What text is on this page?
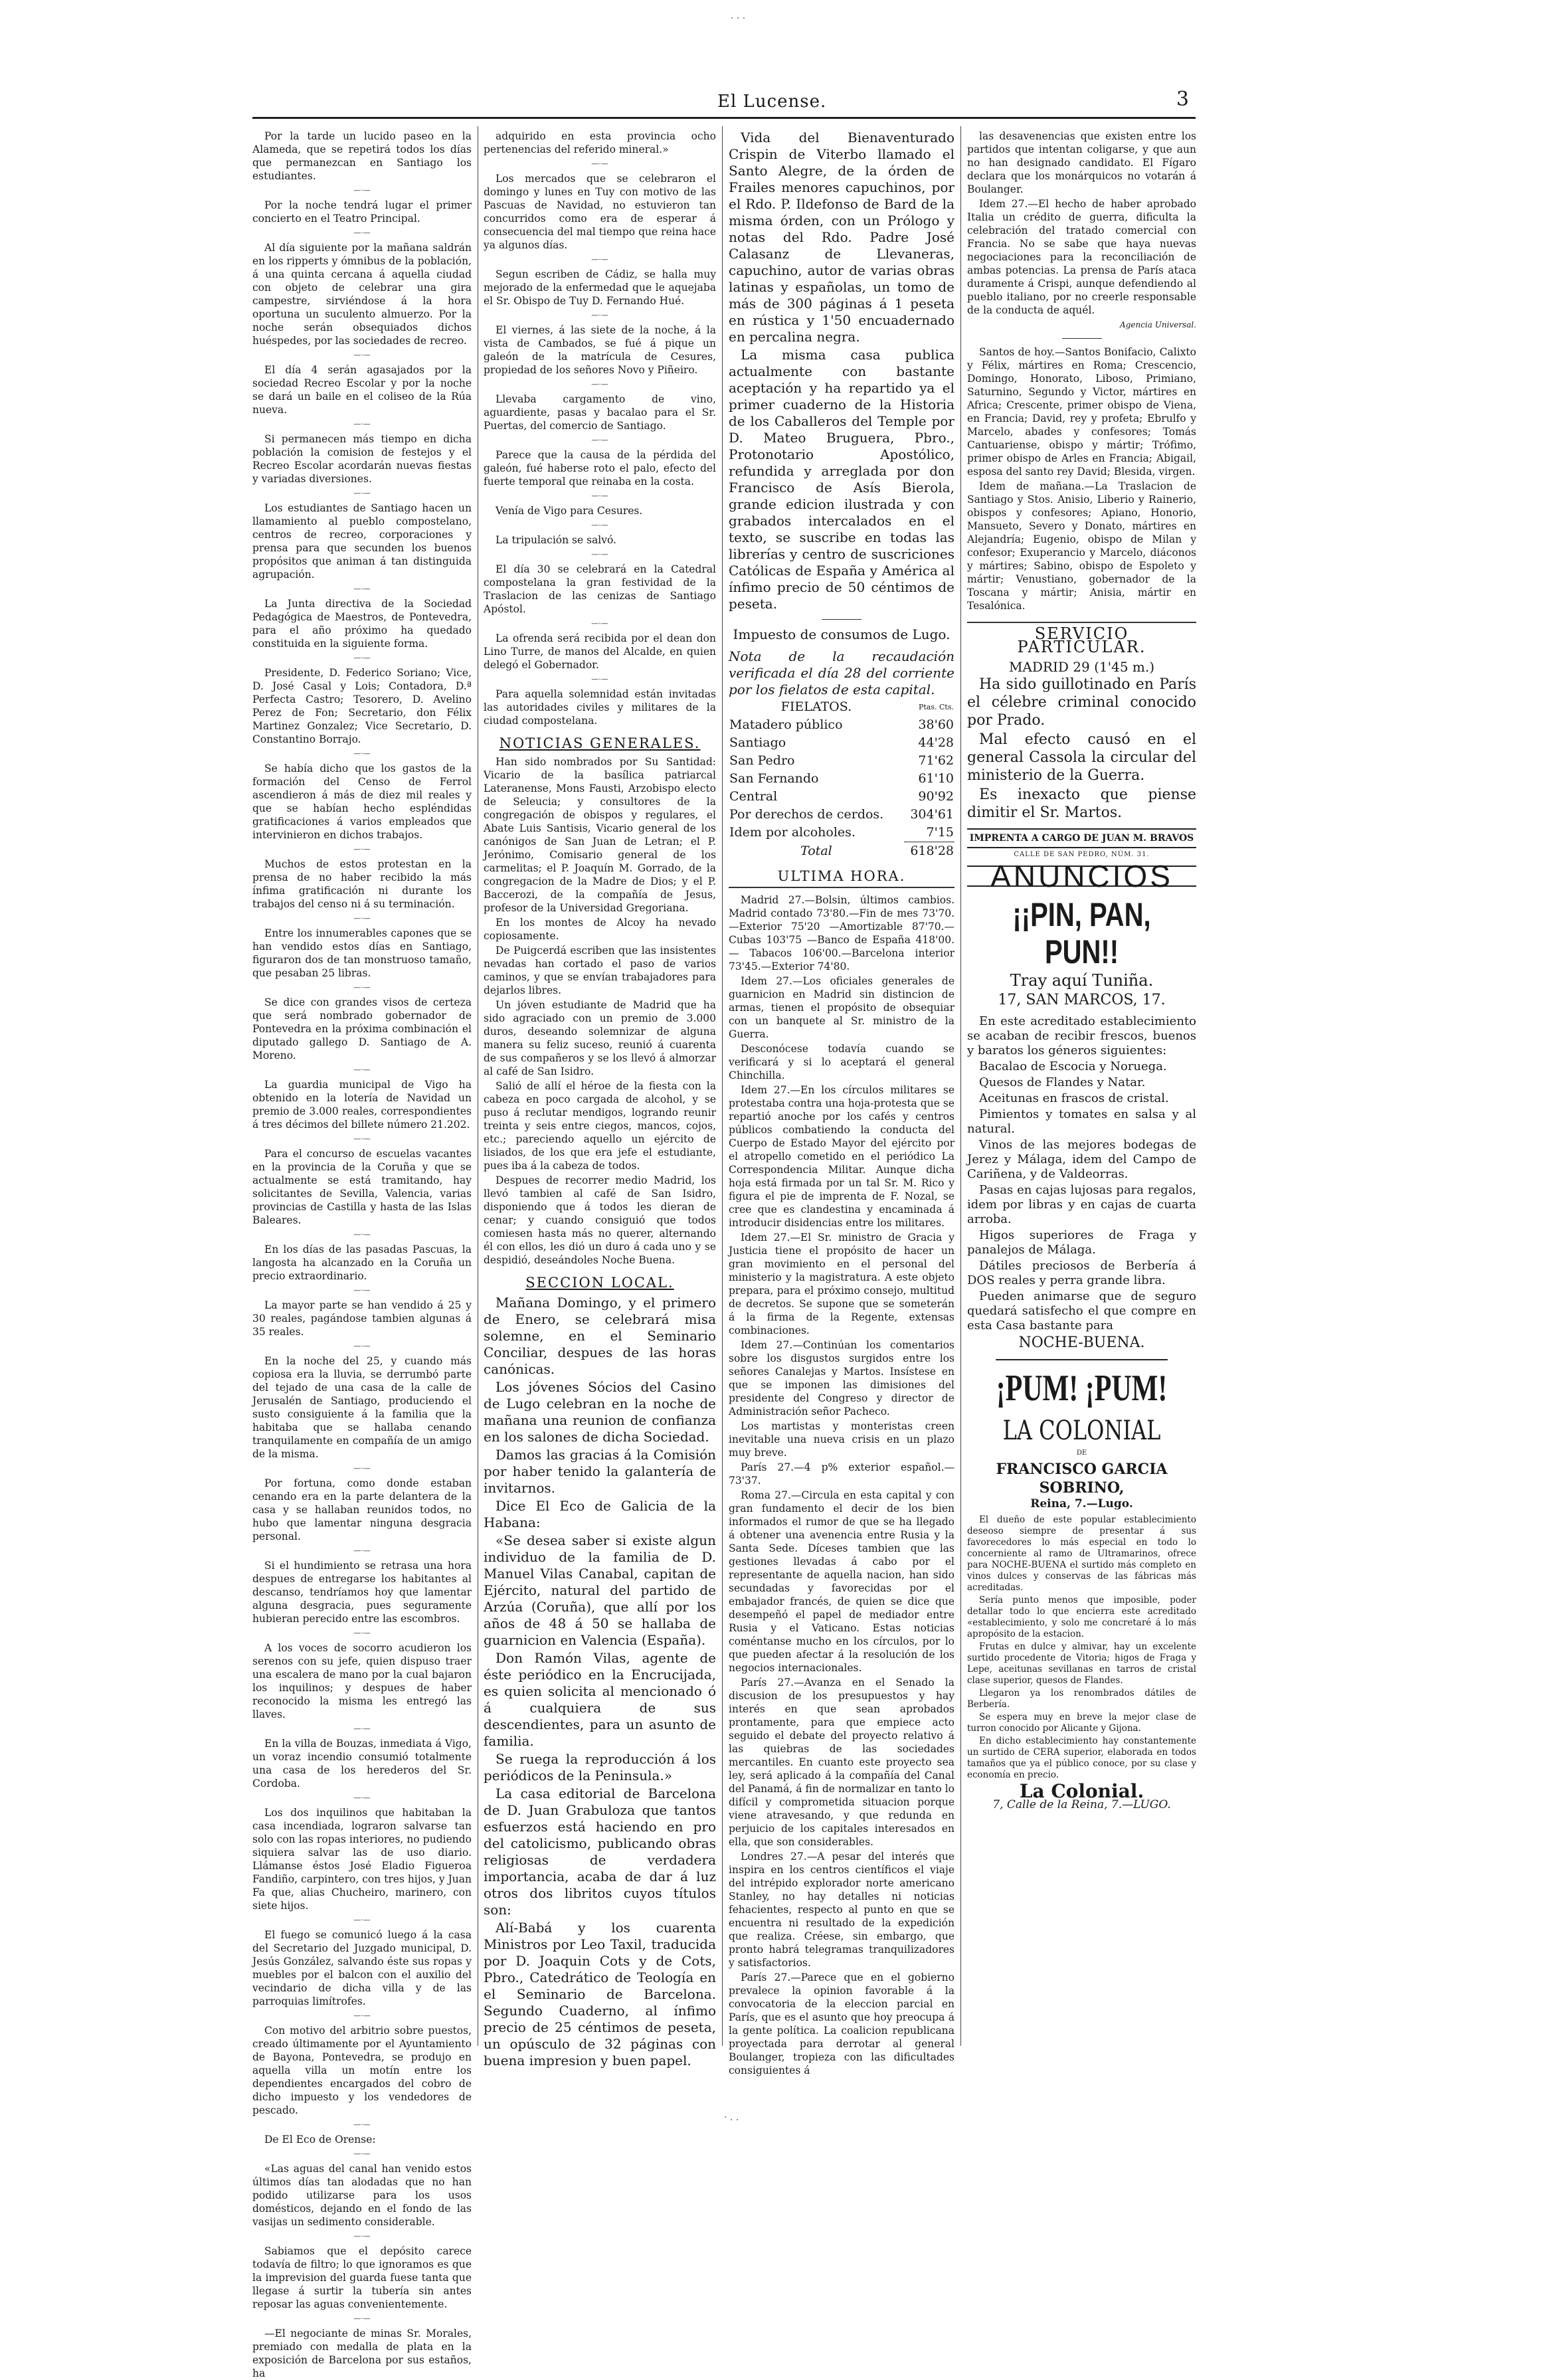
El Lucense.	3

Por la tarde un lucido paseo en la Alameda, que se repetirá todos los días que permanezcan en Santiago los estudiantes.

—·—

Por la noche tendrá lugar el primer concierto en el Teatro Principal.

—·—

Al día siguiente por la mañana saldrán en los ripperts y ómnibus de la población, á una quinta cercana á aquella ciudad con objeto de celebrar una gira campestre, sirviéndose á la hora oportuna un suculento almuerzo. Por la noche serán obsequiados dichos huéspedes, por las sociedades de recreo.

—·—

El día 4 serán agasajados por la sociedad Recreo Escolar y por la noche se dará un baile en el coliseo de la Rúa nueva.

—·—

Si permanecen más tiempo en dicha población la comision de festejos y el Recreo Escolar acordarán nuevas fiestas y variadas diversiones.

—·—

Los estudiantes de Santiago hacen un llamamiento al pueblo compostelano, centros de recreo, corporaciones y prensa para que secunden los buenos propósitos que animan á tan distinguida agrupación.

—·—

La Junta directiva de la Sociedad Pedagógica de Maestros, de Pontevedra, para el año próximo ha quedado constituida en la siguiente forma.

—·—

Presidente, D. Federico Soriano; Vice, D. José Casal y Lois; Contadora, D.ª Perfecta Castro; Tesorero, D. Avelino Perez de Fon; Secretario, don Félix Martinez Gonzalez; Vice Secretario, D. Constantino Borrajo.

—·—

Se había dicho que los gastos de la formación del Censo de Ferrol ascendieron á más de diez mil reales y que se habían hecho espléndidas gratificaciones á varios empleados que intervinieron en dichos trabajos.

—·—

Muchos de estos protestan en la prensa de no haber recibido la más ínfima gratificación ni durante los trabajos del censo ni á su terminación.

—·—

Entre los innumerables capones que se han vendido estos días en Santiago, figuraron dos de tan monstruoso tamaño, que pesaban 25 libras.

—·—

Se dice con grandes visos de certeza que será nombrado gobernador de Pontevedra en la próxima combinación el diputado gallego D. Santiago de A. Moreno.

—·—

La guardia municipal de Vigo ha obtenido en la lotería de Navidad un premio de 3.000 reales, correspondientes á tres décimos del billete número 21.202.

—·—

Para el concurso de escuelas vacantes en la provincia de la Coruña y que se actualmente se está tramitando, hay solicitantes de Sevilla, Valencia, varias provincias de Castilla y hasta de las Islas Baleares.

—·—

En los días de las pasadas Pascuas, la langosta ha alcanzado en la Coruña un precio extraordinario.

—·—

La mayor parte se han vendido á 25 y 30 reales, pagándose tambien algunas á 35 reales.

—·—

En la noche del 25, y cuando más copiosa era la lluvia, se derrumbó parte del tejado de una casa de la calle de Jerusalén de Santiago, produciendo el susto consiguiente á la familia que la habitaba que se hallaba cenando tranquilamente en compañía de un amigo de la misma.

—·—

Por fortuna, como donde estaban cenando era en la parte delantera de la casa y se hallaban reunidos todos, no hubo que lamentar ninguna desgracia personal.

—·—

Si el hundimiento se retrasa una hora despues de entregarse los habitantes al descanso, tendríamos hoy que lamentar alguna desgracia, pues seguramente hubieran perecido entre las escombros.

—·—

A los voces de socorro acudieron los serenos con su jefe, quien dispuso traer una escalera de mano por la cual bajaron los inquilinos; y despues de haber reconocido la misma les entregó las llaves.

—·—

En la villa de Bouzas, inmediata á Vigo, un voraz incendio consumió totalmente una casa de los herederos del Sr. Cordoba.

—·—

Los dos inquilinos que habitaban la casa incendiada, lograron salvarse tan solo con las ropas interiores, no pudiendo siquiera salvar las de uso diario. Llámanse éstos José Eladio Figueroa Fandiño, carpintero, con tres hijos, y Juan Fa que, alias Chucheiro, marinero, con siete hijos.

—·—

El fuego se comunicó luego á la casa del Secretario del Juzgado municipal, D. Jesús González, salvando éste sus ropas y muebles por el balcon con el auxilio del vecindario de dicha villa y de las parroquias limítrofes.

—·—

Con motivo del arbitrio sobre puestos, creado últimamente por el Ayuntamiento de Bayona, Pontevedra, se produjo en aquella villa un motín entre los dependientes encargados del cobro de dicho impuesto y los vendedores de pescado.

—·—

De El Eco de Orense:

—·—

«Las aguas del canal han venido estos últimos días tan alodadas que no han podido utilizarse para los usos domésticos, dejando en el fondo de las vasijas un sedimento considerable.

—·—

Sabiamos que el depósito carece todavía de filtro; lo que ignoramos es que la imprevision del guarda fuese tanta que llegase á surtir la tubería sin antes reposar las aguas convenientemente.

—·—

—El negociante de minas Sr. Morales, premiado con medalla de plata en la exposición de Barcelona por sus estaños, ha

adquirido en esta provincia ocho pertenencias del referido mineral.»

—·—

Los mercados que se celebraron el domingo y lunes en Tuy con motivo de las Pascuas de Navidad, no estuvieron tan concurridos como era de esperar á consecuencia del mal tiempo que reina hace ya algunos días.

—·—

Segun escriben de Cádiz, se halla muy mejorado de la enfermedad que le aquejaba el Sr. Obispo de Tuy D. Fernando Hué.

—·—

El viernes, á las siete de la noche, á la vista de Cambados, se fué á pique un galeón de la matrícula de Cesures, propiedad de los señores Novo y Piñeiro.

—·—

Llevaba cargamento de vino, aguardiente, pasas y bacalao para el Sr. Puertas, del comercio de Santiago.

—·—

Parece que la causa de la pérdida del galeón, fué haberse roto el palo, efecto del fuerte temporal que reinaba en la costa.

—·—

Venía de Vigo para Cesures.

—·—

La tripulación se salvó.

—·—

El día 30 se celebrará en la Catedral compostelana la gran festividad de la Traslacion de las cenizas de Santiago Apóstol.

—·—

La ofrenda será recibida por el dean don Lino Turre, de manos del Alcalde, en quien delegó el Gobernador.

—·—

Para aquella solemnidad están invitadas las autoridades civiles y militares de la ciudad compostelana.

NOTICIAS GENERALES.

Han sido nombrados por Su Santidad: Vicario de la basílica patriarcal Lateranense, Mons Fausti, Arzobispo electo de Seleucia; y consultores de la congregación de obispos y regulares, el Abate Luis Santisis, Vicario general de los canónigos de San Juan de Letran; el P. Jerónimo, Comisario general de los carmelitas; el P. Joaquín M. Gorrado, de la congregacion de la Madre de Dios; y el P. Baccerozi, de la compañía de Jesus, profesor de la Universidad Gregoriana.

En los montes de Alcoy ha nevado copiosamente.

De Puigcerdá escriben que las insistentes nevadas han cortado el paso de varios caminos, y que se envían trabajadores para dejarlos libres.

Un jóven estudiante de Madrid que ha sido agraciado con un premio de 3.000 duros, deseando solemnizar de alguna manera su feliz suceso, reunió á cuarenta de sus compañeros y se los llevó á almorzar al café de San Isidro.

Salió de allí el héroe de la fiesta con la cabeza en poco cargada de alcohol, y se puso á reclutar mendigos, logrando reunir treinta y seis entre ciegos, mancos, cojos, etc.; pareciendo aquello un ejército de lisiados, de los que era jefe el estudiante, pues iba á la cabeza de todos.

Despues de recorrer medio Madrid, los llevó tambien al café de San Isidro, disponiendo que á todos les dieran de cenar; y cuando consiguió que todos comiesen hasta más no querer, alternando él con ellos, les dió un duro á cada uno y se despidió, deseándoles Noche Buena.

SECCION LOCAL.

Mañana Domingo, y el primero de Enero, se celebrará misa solemne, en el Seminario Conciliar, despues de las horas canónicas.

Los jóvenes Sócios del Casino de Lugo celebran en la noche de mañana una reunion de confianza en los salones de dicha Sociedad.

Damos las gracias á la Comisión por haber tenido la galantería de invitarnos.

Dice El Eco de Galicia de la Habana:

«Se desea saber si existe algun individuo de la familia de D. Manuel Vilas Canabal, capitan de Ejército, natural del partido de Arzúa (Coruña), que allí por los años de 48 á 50 se hallaba de guarnicion en Valencia (España).

Don Ramón Vilas, agente de éste periódico en la Encrucijada, es quien solicita al mencionado ó á cualquiera de sus descendientes, para un asunto de familia.

Se ruega la reproducción á los periódicos de la Peninsula.»

La casa editorial de Barcelona de D. Juan Grabuloza que tantos esfuerzos está haciendo en pro del catolicismo, publicando obras religiosas de verdadera importancia, acaba de dar á luz otros dos libritos cuyos títulos son:

Alí-Babá y los cuarenta Ministros por Leo Taxil, traducida por D. Joaquin Cots y de Cots, Pbro., Catedrático de Teología en el Seminario de Barcelona. Segundo Cuaderno, al ínfimo precio de 25 céntimos de peseta, un opúsculo de 32 páginas con buena impresion y buen papel.

Vida del Bienaventurado Crispin de Viterbo llamado el Santo Alegre, de la órden de Frailes menores capuchinos, por el Rdo. P. Ildefonso de Bard de la misma órden, con un Prólogo y notas del Rdo. Padre José Calasanz de Llevaneras, capuchino, autor de varias obras latinas y españolas, un tomo de más de 300 páginas á 1 peseta en rústica y 1'50 encuadernado en percalina negra.

La misma casa publica actualmente con bastante aceptación y ha repartido ya el primer cuaderno de la Historia de los Caballeros del Temple por D. Mateo Bruguera, Pbro., Protonotario Apostólico, refundida y arreglada por don Francisco de Asís Bierola, grande edicion ilustrada y con grabados intercalados en el texto, se suscribe en todas las librerías y centro de suscriciones Católicas de España y América al ínfimo precio de 50 céntimos de peseta.

Impuesto de consumos de Lugo.
Nota de la recaudación verificada el día 28 del corriente por los fielatos de esta capital.
FIELATOS.	Ptas. Cts.
Matadero público	38'60
Santiago	44'28
San Pedro	71'62
San Fernando	61'10
Central	90'92
Por derechos de cerdos.	304'61
Idem por alcoholes.	7'15
Total	618'28
ULTIMA HORA.

Madrid 27.—Bolsin, últimos cambios. Madrid contado 73'80.—Fin de mes 73'70. —Exterior 75'20 —Amortizable 87'70.— Cubas 103'75 —Banco de España 418'00. — Tabacos 106'00.—Barcelona interior 73'45.—Exterior 74'80.

Idem 27.—Los oficiales generales de guarnicion en Madrid sin distincion de armas, tienen el propósito de obsequiar con un banquete al Sr. ministro de la Guerra.

Desconócese todavía cuando se verificará y si lo aceptará el general Chinchilla.

Idem 27.—En los círculos militares se protestaba contra una hoja-protesta que se repartió anoche por los cafés y centros públicos combatiendo la conducta del Cuerpo de Estado Mayor del ejército por el atropello cometido en el periódico La Correspondencia Militar. Aunque dicha hoja está firmada por un tal Sr. M. Rico y figura el pie de imprenta de F. Nozal, se cree que es clandestina y encaminada á introducir disidencias entre los militares.

Idem 27.—El Sr. ministro de Gracia y Justicia tiene el propósito de hacer un gran movimiento en el personal del ministerio y la magistratura. A este objeto prepara, para el próximo consejo, multitud de decretos. Se supone que se someterán á la firma de la Regente, extensas combinaciones.

Idem 27.—Continúan los comentarios sobre los disgustos surgidos entre los señores Canalejas y Martos. Insístese en que se imponen las dimisiones del presidente del Congreso y director de Administración señor Pacheco.

Los martistas y monteristas creen inevitable una nueva crisis en un plazo muy breve.

París 27.—4 p% exterior español.— 73'37.

Roma 27.—Circula en esta capital y con gran fundamento el decir de los bien informados el rumor de que se ha llegado á obtener una avenencia entre Rusia y la Santa Sede. Díceses tambien que las gestiones llevadas á cabo por el representante de aquella nacion, han sido secundadas y favorecidas por el embajador francés, de quien se dice que desempeñó el papel de mediador entre Rusia y el Vaticano. Estas noticias coméntanse mucho en los círculos, por lo que pueden afectar á la resolución de los negocios internacionales.

París 27.—Avanza en el Senado la discusion de los presupuestos y hay interés en que sean aprobados prontamente, para que empiece acto seguido el debate del proyecto relativo á las quiebras de las sociedades mercantiles. En cuanto este proyecto sea ley, será aplicado á la compañía del Canal del Panamá, á fin de normalizar en tanto lo difícil y comprometida situacion porque viene atravesando, y que redunda en perjuicio de los capitales interesados en ella, que son considerables.

Londres 27.—A pesar del interés que inspira en los centros científicos el viaje del intrépido explorador norte americano Stanley, no hay detalles ni noticias fehacientes, respecto al punto en que se encuentra ni resultado de la expedición que realiza. Créese, sin embargo, que pronto habrá telegramas tranquilizadores y satisfactorios.

París 27.—Parece que en el gobierno prevalece la opinion favorable á la convocatoria de la eleccion parcial en París, que es el asunto que hoy preocupa á la gente política. La coalicion republicana proyectada para derrotar al general Boulanger, tropieza con las dificultades consiguientes á

las desavenencias que existen entre los partidos que intentan coligarse, y que aun no han designado candidato. El Fígaro declara que los monárquicos no votarán á Boulanger.

Idem 27.—El hecho de haber aprobado Italia un crédito de guerra, dificulta la celebración del tratado comercial con Francia. No se sabe que haya nuevas negociaciones para la reconciliación de ambas potencias. La prensa de París ataca duramente á Crispi, aunque defendiendo al pueblo italiano, por no creerle responsable de la conducta de aquél.

Agencia Universal.

Santos de hoy.—Santos Bonifacio, Calixto y Félix, mártires en Roma; Crescencio, Domingo, Honorato, Liboso, Primiano, Saturnino, Segundo y Victor, mártires en Africa; Crescente, primer obispo de Viena, en Francia; David, rey y profeta; Ebrulfo y Marcelo, abades y confesores; Tomás Cantuariense, obispo y mártir; Trófimo, primer obispo de Arles en Francia; Abigail, esposa del santo rey David; Blesida, virgen.

Idem de mañana.—La Traslacion de Santiago y Stos. Anisio, Liberio y Rainerio, obispos y confesores; Apiano, Honorio, Mansueto, Severo y Donato, mártires en Alejandría; Eugenio, obispo de Milan y confesor; Exuperancio y Marcelo, diáconos y mártires; Sabino, obispo de Espoleto y mártir; Venustiano, gobernador de la Toscana y mártir; Anisia, mártir en Tesalónica.

SERVICIO PARTICULAR.
MADRID 29 (1'45 m.)

Ha sido guillotinado en París el célebre criminal conocido por Prado.

Mal efecto causó en el general Cassola la circular del ministerio de la Guerra.

Es inexacto que piense dimitir el Sr. Martos.

IMPRENTA A CARGO DE JUAN M. BRAVOS
CALLE DE SAN PEDRO, NÚM. 31.
ANUNCIOS
¡¡PIN, PAN, PUN!!
Tray aquí Tuniña.
17, SAN MARCOS, 17.

En este acreditado establecimiento se acaban de recibir frescos, buenos y baratos los géneros siguientes:

Bacalao de Escocia y Noruega.

Quesos de Flandes y Natar.

Aceitunas en frascos de cristal.

Pimientos y tomates en salsa y al natural.

Vinos de las mejores bodegas de Jerez y Málaga, idem del Campo de Cariñena, y de Valdeorras.

Pasas en cajas lujosas para regalos, idem por libras y en cajas de cuarta arroba.

Higos superiores de Fraga y panalejos de Málaga.

Dátiles preciosos de Berbería á DOS reales y perra grande libra.

Pueden animarse que de seguro quedará satisfecho el que compre en esta Casa bastante para

NOCHE-BUENA.
¡PUM! ¡PUM!
LA COLONIAL
DE
FRANCISCO GARCIA SOBRINO,
Reina, 7.—Lugo.

El dueño de este popular establecimiento deseoso siempre de presentar á sus favorecedores lo más especial en todo lo concerniente al ramo de Ultramarinos, ofrece para NOCHE-BUENA el surtido más completo en vinos dulces y conservas de las fábricas más acreditadas.

Sería punto menos que imposible, poder detallar todo lo que encierra este acreditado «establecimiento, y solo me concretaré á lo más apropósito de la estacion.

Frutas en dulce y almivar, hay un excelente surtido procedente de Vitoria; higos de Fraga y Lepe, aceitunas sevillanas en tarros de cristal clase superior, quesos de Flandes.

Llegaron ya los renombrados dátiles de Berbería.

Se espera muy en breve la mejor clase de turron conocido por Alicante y Gijona.

En dicho establecimiento hay constantemente un surtido de CERA superior, elaborada en todos tamaños que ya el público conoce, por su clase y economía en precio.

La Colonial.
7, Calle de la Reina, 7.—LUGO.
· · ·
· . .
